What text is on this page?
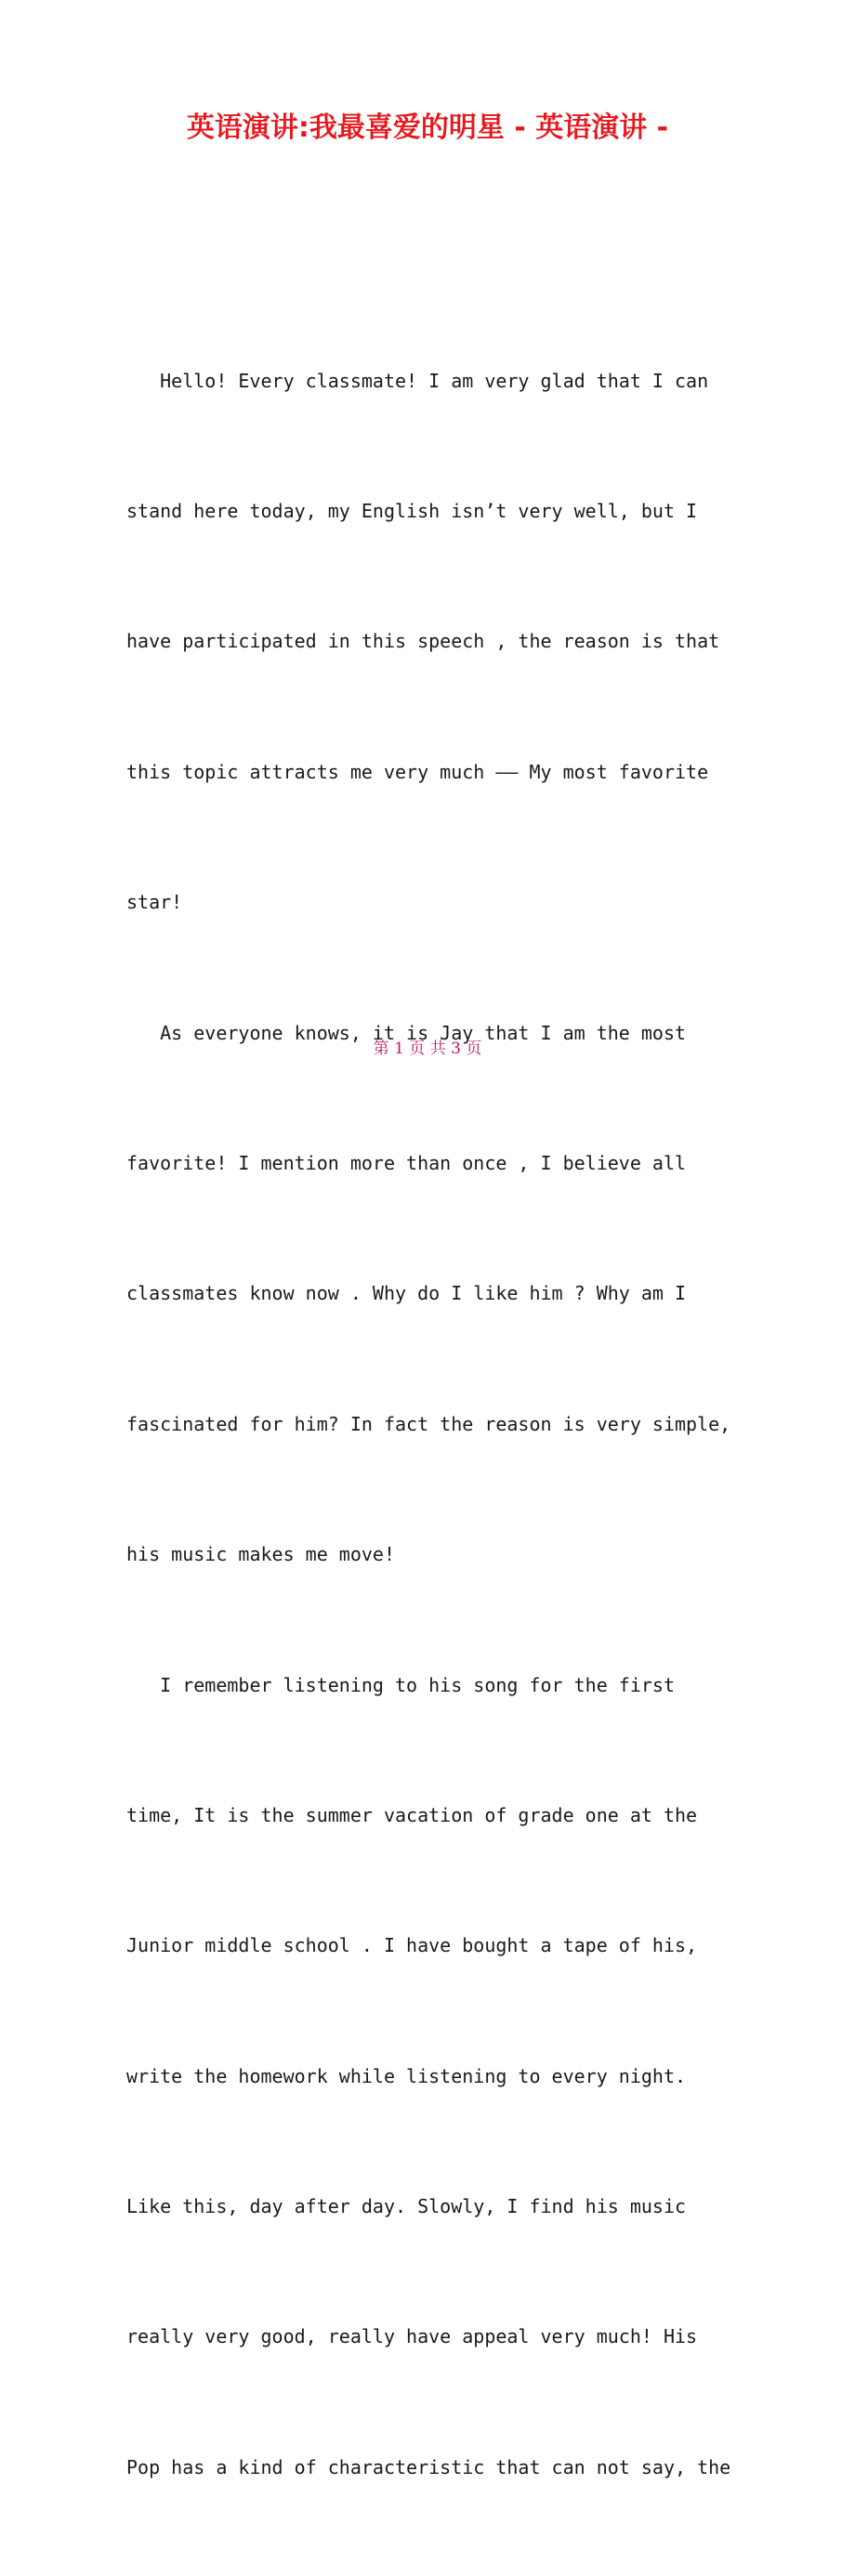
英语演讲:我最喜爱的明星 - 英语演讲 -

Hello! Every classmate! I am very glad that I can

stand here today, my English isn’t very well, but I

have participated in this speech , the reason is that

this topic attracts me very much —— My most favorite

star!

As everyone knows, it is Jay that I am the most

favorite! I mention more than once , I believe all

classmates know now . Why do I like him ? Why am I

fascinated for him? In fact the reason is very simple,

his music makes me move!

I remember listening to his song for the first

time, It is the summer vacation of grade one at the

Junior middle school . I have bought a tape of his,

write the homework while listening to every night.

Like this, day after day. Slowly, I find his music

really very good, really have appeal very much! His

Pop has a kind of characteristic that can not say, the

第 1 页 共 3 页
